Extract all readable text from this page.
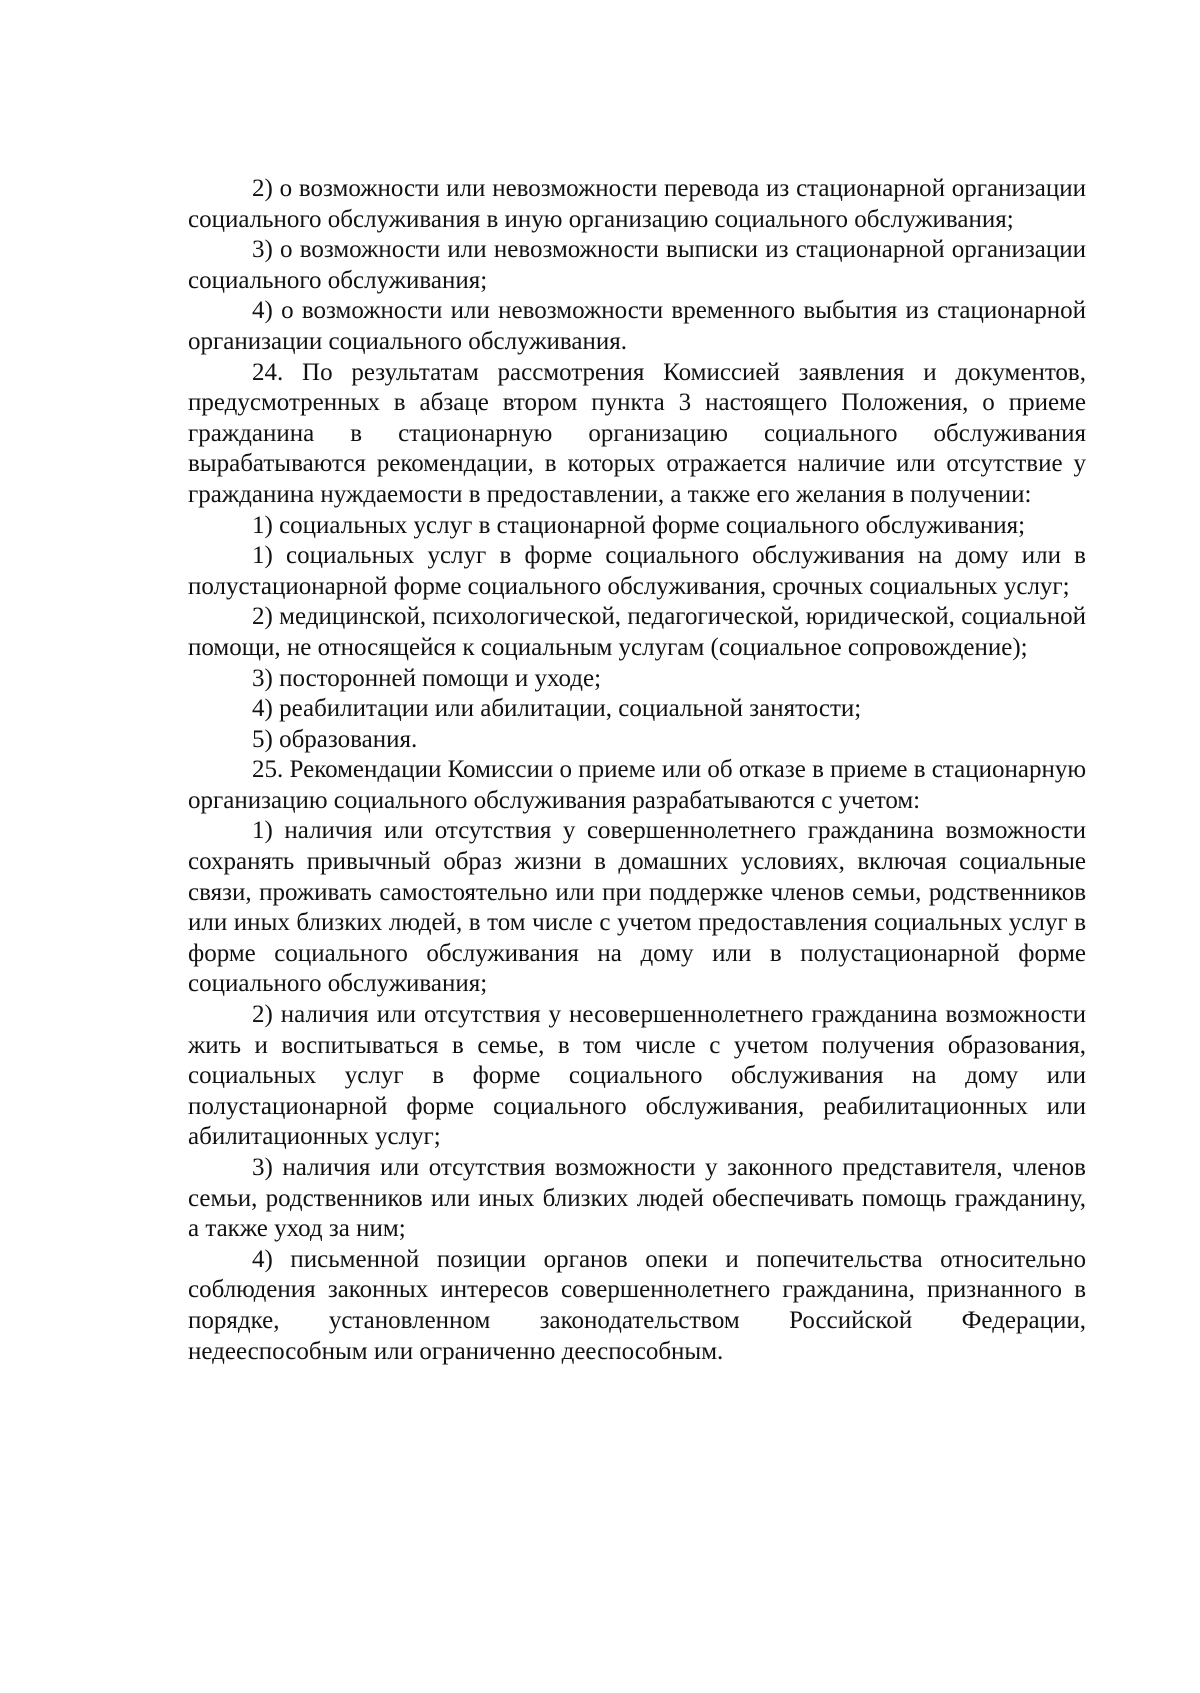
2) о возможности или невозможности перевода из стационарной организации социального обслуживания в иную организацию социального обслуживания;

3) о возможности или невозможности выписки из стационарной организации социального обслуживания;

4) о возможности или невозможности временного выбытия из стационарной организации социального обслуживания.

24. По результатам рассмотрения Комиссией заявления и документов, предусмотренных в абзаце втором пункта 3 настоящего Положения, о приеме гражданина в стационарную организацию социального обслуживания вырабатываются рекомендации, в которых отражается наличие или отсутствие у гражданина нуждаемости в предоставлении, а также его желания в получении:

1) социальных услуг в стационарной форме социального обслуживания;

1) социальных услуг в форме социального обслуживания на дому или в полустационарной форме социального обслуживания, срочных социальных услуг;

2) медицинской, психологической, педагогической, юридической, социальной помощи, не относящейся к социальным услугам (социальное сопровождение);

3) посторонней помощи и уходе;

4) реабилитации или абилитации, социальной занятости;

5) образования.

25. Рекомендации Комиссии о приеме или об отказе в приеме в стационарную организацию социального обслуживания разрабатываются с учетом:

1) наличия или отсутствия у совершеннолетнего гражданина возможности сохранять привычный образ жизни в домашних условиях, включая социальные связи, проживать самостоятельно или при поддержке членов семьи, родственников или иных близких людей, в том числе с учетом предоставления социальных услуг в форме социального обслуживания на дому или в полустационарной форме социального обслуживания;

2) наличия или отсутствия у несовершеннолетнего гражданина возможности жить и воспитываться в семье, в том числе с учетом получения образования, социальных услуг в форме социального обслуживания на дому или полустационарной форме социального обслуживания, реабилитационных или абилитационных услуг;

3) наличия или отсутствия возможности у законного представителя, членов семьи, родственников или иных близких людей обеспечивать помощь гражданину, а также уход за ним;

4) письменной позиции органов опеки и попечительства относительно соблюдения законных интересов совершеннолетнего гражданина, признанного в порядке, установленном законодательством Российской Федерации, недееспособным или ограниченно дееспособным.
